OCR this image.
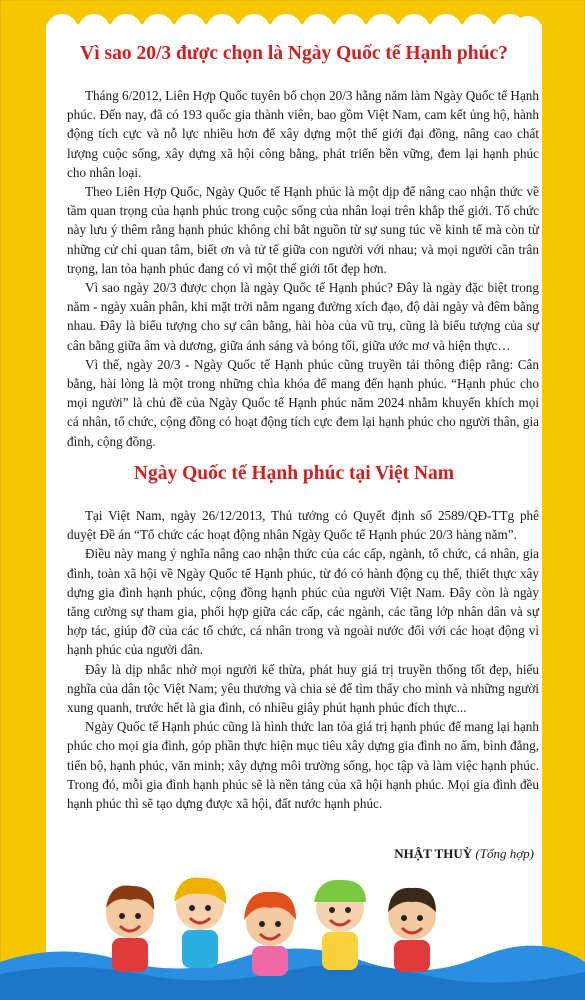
Vì sao 20/3 được chọn là Ngày Quốc tế Hạnh phúc?

Tháng 6/2012, Liên Hợp Quốc tuyên bố chọn 20/3 hằng năm làm Ngày Quốc tế Hạnh phúc. Đến nay, đã có 193 quốc gia thành viên, bao gồm Việt Nam, cam kết ủng hộ, hành động tích cực và nỗ lực nhiều hơn để xây dựng một thế giới đại đồng, nâng cao chất lượng cuộc sống, xây dựng xã hội công bằng, phát triển bền vững, đem lại hạnh phúc cho nhân loại.

Theo Liên Hợp Quốc, Ngày Quốc tế Hạnh phúc là một dịp để nâng cao nhận thức về tầm quan trọng của hạnh phúc trong cuộc sống của nhân loại trên khắp thế giới. Tổ chức này lưu ý thêm rằng hạnh phúc không chỉ bắt nguồn từ sự sung túc về kinh tế mà còn từ những cử chỉ quan tâm, biết ơn và tử tế giữa con người với nhau; và mọi người cần trân trọng, lan tỏa hạnh phúc đang có vì một thế giới tốt đẹp hơn.

Vì sao ngày 20/3 được chọn là ngày Quốc tế Hạnh phúc? Đây là ngày đặc biệt trong năm - ngày xuân phân, khi mặt trời nằm ngang đường xích đạo, độ dài ngày và đêm bằng nhau. Đây là biểu tượng cho sự cân bằng, hài hòa của vũ trụ, cũng là biểu tượng của sự cân bằng giữa âm và dương, giữa ánh sáng và bóng tối, giữa ước mơ và hiện thực…

Vì thế, ngày 20/3 - Ngày Quốc tế Hạnh phúc cũng truyền tải thông điệp rằng: Cân bằng, hài lòng là một trong những chìa khóa để mang đến hạnh phúc. “Hạnh phúc cho mọi người” là chủ đề của Ngày Quốc tế Hạnh phúc năm 2024 nhằm khuyến khích mọi cá nhân, tổ chức, cộng đồng có hoạt động tích cực đem lại hạnh phúc cho người thân, gia đình, cộng đồng.

Ngày Quốc tế Hạnh phúc tại Việt Nam

Tại Việt Nam, ngày 26/12/2013, Thủ tướng có Quyết định số 2589/QĐ-TTg phê duyệt Đề án “Tổ chức các hoạt động nhân Ngày Quốc tế Hạnh phúc 20/3 hàng năm”.

Điều này mang ý nghĩa nâng cao nhận thức của các cấp, ngành, tổ chức, cá nhân, gia đình, toàn xã hội về Ngày Quốc tế Hạnh phúc, từ đó có hành động cụ thể, thiết thực xây dựng gia đình hạnh phúc, cộng đồng hạnh phúc của người Việt Nam. Đây còn là ngày tăng cường sự tham gia, phối hợp giữa các cấp, các ngành, các tầng lớp nhân dân và sự hợp tác, giúp đỡ của các tổ chức, cá nhân trong và ngoài nước đối với các hoạt động vì hạnh phúc của người dân.

Đây là dịp nhắc nhở mọi người kế thừa, phát huy giá trị truyền thống tốt đẹp, hiếu nghĩa của dân tộc Việt Nam; yêu thương và chia sẻ để tìm thấy cho mình và những người xung quanh, trước hết là gia đình, có nhiều giây phút hạnh phúc đích thực...

Ngày Quốc tế Hạnh phúc cũng là hình thức lan tỏa giá trị hạnh phúc để mang lại hạnh phúc cho mọi gia đình, góp phần thực hiện mục tiêu xây dựng gia đình no ấm, bình đẳng, tiến bộ, hạnh phúc, văn minh; xây dựng môi trường sống, học tập và làm việc hạnh phúc. Trong đó, mỗi gia đình hạnh phúc sẽ là nền tảng của xã hội hạnh phúc. Mọi gia đình đều hạnh phúc thì sẽ tạo dựng được xã hội, đất nước hạnh phúc.

NHẬT THUỲ (Tổng hợp)
